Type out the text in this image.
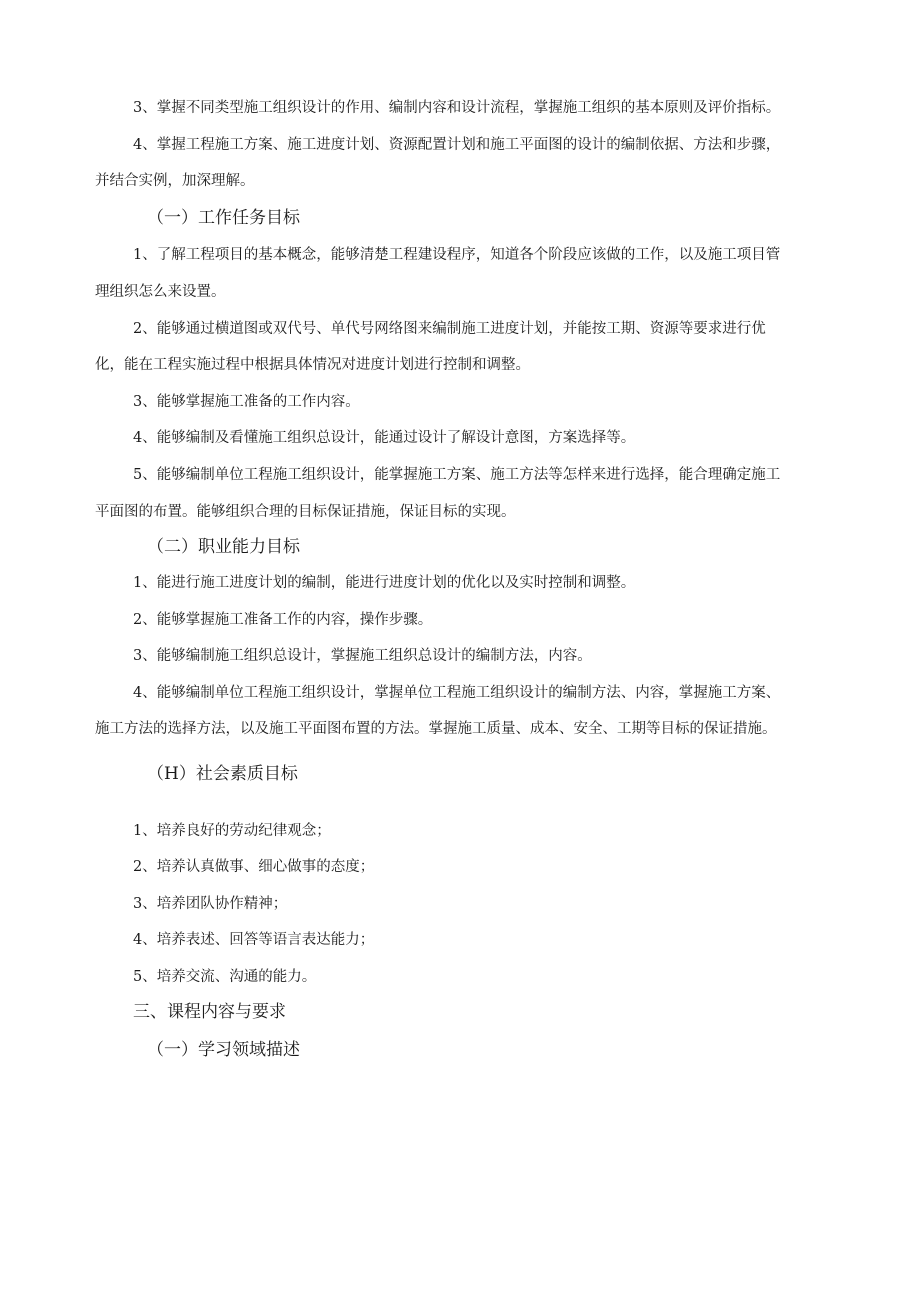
3、掌握不同类型施工组织设计的作用、编制内容和设计流程，掌握施工组织的基本原则及评价指标。
4、掌握工程施工方案、施工进度计划、资源配置计划和施工平面图的设计的编制依据、方法和步骤，
并结合实例，加深理解。
（一）工作任务目标
1、了解工程项目的基本概念，能够清楚工程建设程序，知道各个阶段应该做的工作，以及施工项目管
理组织怎么来设置。
2、能够通过横道图或双代号、单代号网络图来编制施工进度计划，并能按工期、资源等要求进行优
化，能在工程实施过程中根据具体情况对进度计划进行控制和调整。
3、能够掌握施工准备的工作内容。
4、能够编制及看懂施工组织总设计，能通过设计了解设计意图，方案选择等。
5、能够编制单位工程施工组织设计，能掌握施工方案、施工方法等怎样来进行选择，能合理确定施工
平面图的布置。能够组织合理的目标保证措施，保证目标的实现。
（二）职业能力目标
1、能进行施工进度计划的编制，能进行进度计划的优化以及实时控制和调整。
2、能够掌握施工准备工作的内容，操作步骤。
3、能够编制施工组织总设计，掌握施工组织总设计的编制方法，内容。
4、能够编制单位工程施工组织设计，掌握单位工程施工组织设计的编制方法、内容，掌握施工方案、
施工方法的选择方法，以及施工平面图布置的方法。掌握施工质量、成本、安全、工期等目标的保证措施。
（H）社会素质目标
1、培养良好的劳动纪律观念；
2、培养认真做事、细心做事的态度；
3、培养团队协作精神；
4、培养表述、回答等语言表达能力；
5、培养交流、沟通的能力。
三、课程内容与要求
（一）学习领域描述
